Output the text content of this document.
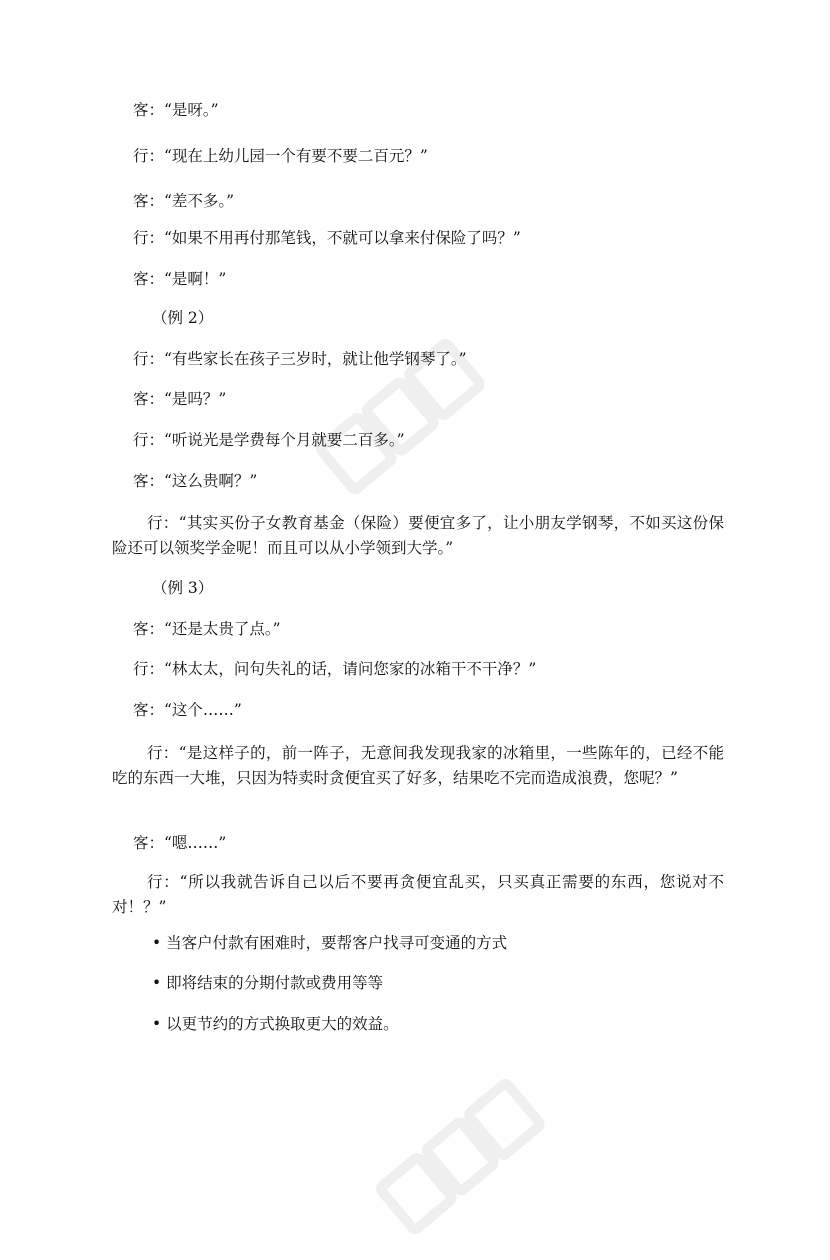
客：“是呀。”
行：“现在上幼儿园一个有要不要二百元？”
客：“差不多。”
行：“如果不用再付那笔钱，不就可以拿来付保险了吗？”
客：“是啊！”
（例 2）
行：“有些家长在孩子三岁时，就让他学钢琴了。”
客：“是吗？”
行：“听说光是学费每个月就要二百多。”
客：“这么贵啊？”
行：“其实买份子女教育基金（保险）要便宜多了，让小朋友学钢琴，不如买这份保险还可以领奖学金呢！而且可以从小学领到大学。”
（例 3）
客：“还是太贵了点。”
行：“林太太，问句失礼的话，请问您家的冰箱干不干净？”
客：“这个……”
行：“是这样子的，前一阵子，无意间我发现我家的冰箱里，一些陈年的，已经不能吃的东西一大堆，只因为特卖时贪便宜买了好多，结果吃不完而造成浪费，您呢？”
客：“嗯……”
行：“所以我就告诉自己以后不要再贪便宜乱买，只买真正需要的东西，您说对不对！？”
• 当客户付款有困难时，要帮客户找寻可变通的方式
• 即将结束的分期付款或费用等等
• 以更节约的方式换取更大的效益。
